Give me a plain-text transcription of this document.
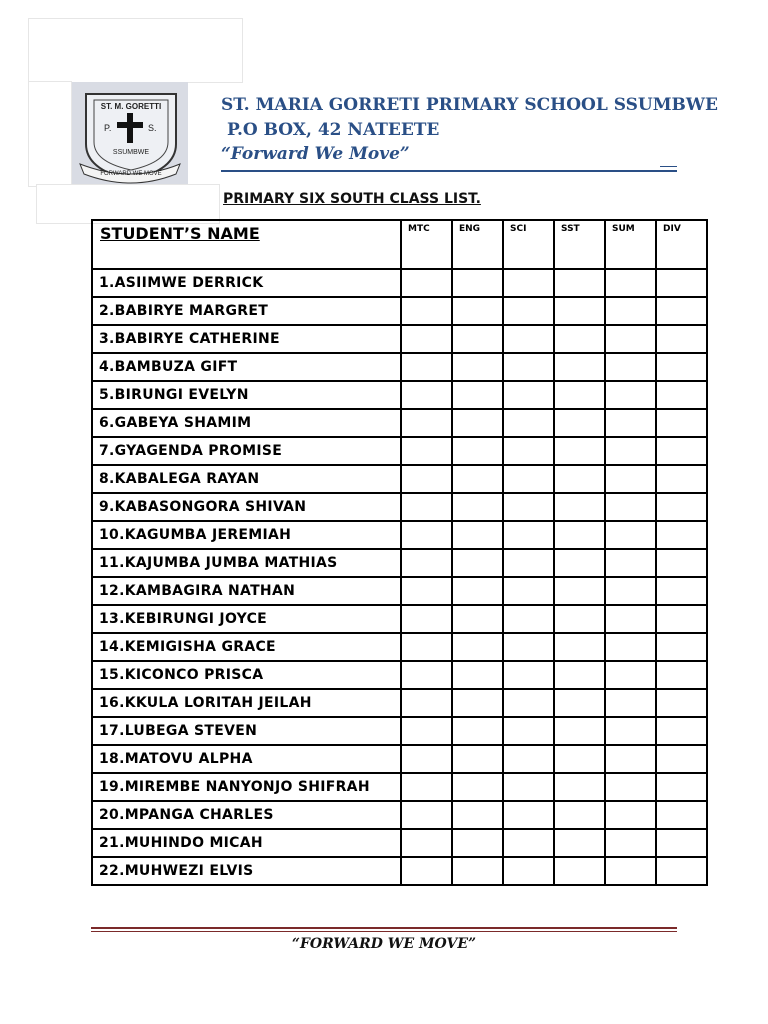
ST. M. GORETTI
P.	S.
SSUMBWE
FORWARD WE MOVE
ST. MARIA GORRETI PRIMARY SCHOOL SSUMBWE
P.O BOX, 42 NATEETE
“Forward We Move”
PRIMARY SIX SOUTH CLASS LIST.
STUDENT’S NAME	MTC	ENG	SCI	SST	SUM	DIV
1.ASIIMWE DERRICK						
2.BABIRYE MARGRET						
3.BABIRYE CATHERINE						
4.BAMBUZA GIFT						
5.BIRUNGI EVELYN						
6.GABEYA SHAMIM						
7.GYAGENDA PROMISE						
8.KABALEGA RAYAN						
9.KABASONGORA SHIVAN						
10.KAGUMBA JEREMIAH						
11.KAJUMBA JUMBA MATHIAS						
12.KAMBAGIRA NATHAN						
13.KEBIRUNGI JOYCE						
14.KEMIGISHA GRACE						
15.KICONCO PRISCA						
16.KKULA LORITAH JEILAH						
17.LUBEGA STEVEN						
18.MATOVU ALPHA						
19.MIREMBE NANYONJO SHIFRAH						
20.MPANGA CHARLES						
21.MUHINDO MICAH						
22.MUHWEZI ELVIS						
“FORWARD WE MOVE”
